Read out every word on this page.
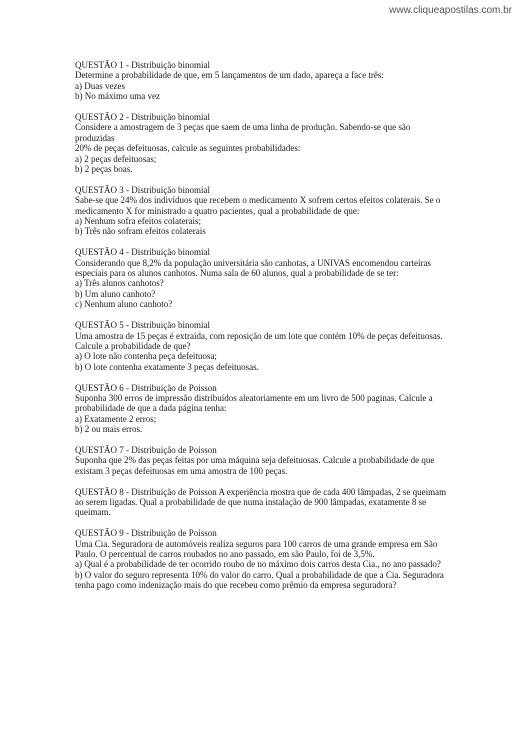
www.cliqueapostilas.com.br

QUESTÃO 1 - Distribuição binomial

Determine a probabilidade de que, em 5 lançamentos de um dado, apareça a face três:

a) Duas vezes

b) No máximo uma vez

QUESTÃO 2 - Distribuição binomial

Considere a amostragem de 3 peças que saem de uma linha de produção. Sabendo-se que são produzidas

20% de peças defeituosas, calcule as seguintes probabilidades:

a) 2 peças defeituosas;

b) 2 peças boas.

QUESTÃO 3 - Distribuição binomial

Sabe-se que 24% dos indivíduos que recebem o medicamento X sofrem certos efeitos colaterais. Se o medicamento X for ministrado a quatro pacientes, qual a probabilidade de que:

a) Nenhum sofra efeitos colaterais;

b) Três não sofram efeitos colaterais

QUESTÃO 4 - Distribuição binomial

Considerando que 8,2% da população universitária são canhotas, a UNIVAS encomendou carteiras especiais para os alunos canhotos. Numa sala de 60 alunos, qual a probabilidade de se ter:

a) Três alunos canhotos?

b) Um aluno canhoto?

c) Nenhum aluno canhoto?

QUESTÃO 5 - Distribuição binomial

Uma amostra de 15 peças é extraída, com reposição de um lote que contém 10% de peças defeituosas.

Calcule a probabilidade de que?

a) O lote não contenha peça defeituosa;

b) O lote contenha exatamente 3 peças defeituosas.

QUESTÃO 6 - Distribuição de Poisson

Suponha 300 erros de impressão distribuídos aleatoriamente em um livro de 500 paginas. Calcule a probabilidade de que a dada página tenha:

a) Exatamente 2 erros;

b) 2 ou mais erros.

QUESTÃO 7 - Distribuição de Poisson

Suponha que 2% das peças feitas por uma máquina seja defeituosas. Calcule a probabilidade de que existam 3 peças defeituosas em uma amostra de 100 peças.

QUESTÃO 8 - Distribuição de Poisson A experiência mostra que de cada 400 lâmpadas, 2 se queimam ao serem ligadas. Qual a probabilidade de que numa instalação de 900 lâmpadas, exatamente 8 se queimam.

QUESTÃO 9 - Distribuição de Poisson

Uma Cia. Seguradora de automóveis realiza seguros para 100 carros de uma grande empresa em São Paulo. O percentual de carros roubados no ano passado, em são Paulo, foi de 3,5%.

a) Qual é a probabilidade de ter ocorrido roubo de no máximo dois carros desta Cia., no ano passado?

b) O valor do seguro representa 10% do valor do carro. Qual a probabilidade de que a Cia. Seguradora tenha pago como indenização mais do que recebeu como prêmio da empresa seguradora?
